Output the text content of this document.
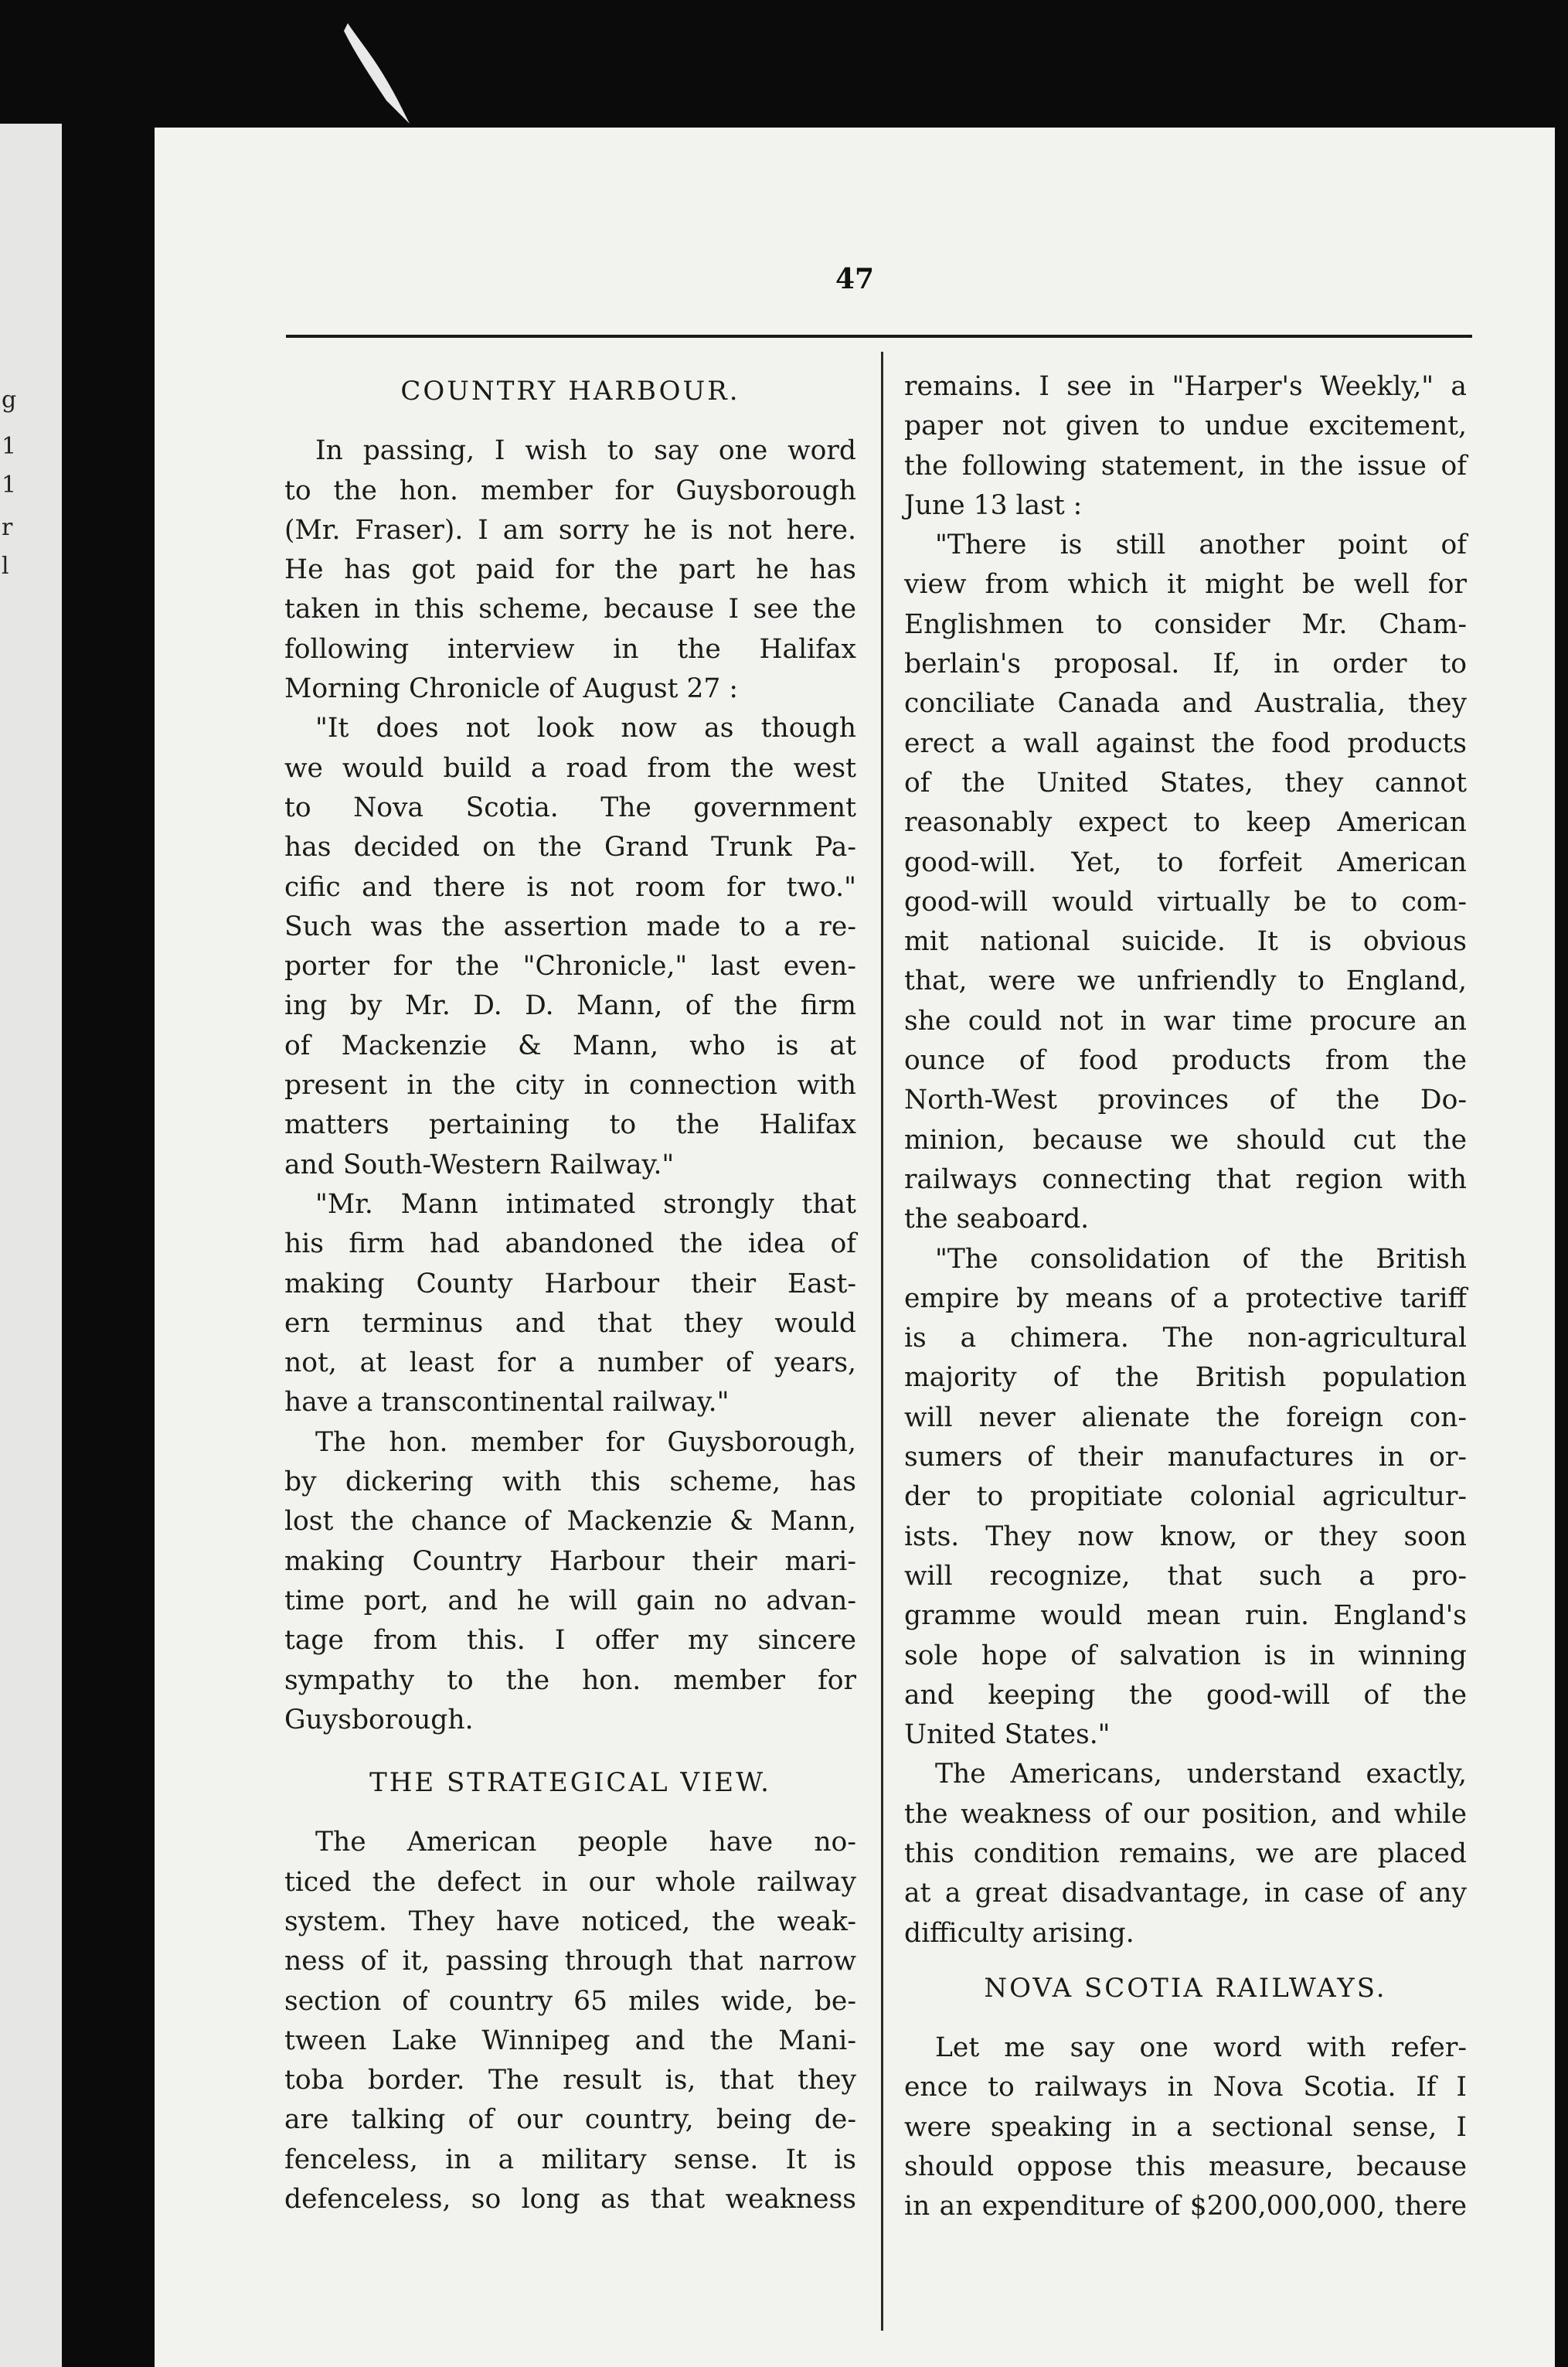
g
1
1
r
l
47
COUNTRY HARBOUR.
In passing, I wish to say one word
to the hon. member for Guysborough
(Mr. Fraser). I am sorry he is not here.
He has got paid for the part he has
taken in this scheme, because I see the
following interview in the Halifax
Morning Chronicle of August 27 :
"It does not look now as though
we would build a road from the west
to Nova Scotia. The government
has decided on the Grand Trunk Pa-
cific and there is not room for two."
Such was the assertion made to a re-
porter for the "Chronicle," last even-
ing by Mr. D. D. Mann, of the firm
of Mackenzie & Mann, who is at
present in the city in connection with
matters pertaining to the Halifax
and South-Western Railway."
"Mr. Mann intimated strongly that
his firm had abandoned the idea of
making County Harbour their East-
ern terminus and that they would
not, at least for a number of years,
have a transcontinental railway."
The hon. member for Guysborough,
by dickering with this scheme, has
lost the chance of Mackenzie & Mann,
making Country Harbour their mari-
time port, and he will gain no advan-
tage from this. I offer my sincere
sympathy to the hon. member for
Guysborough.
THE STRATEGICAL VIEW.
The American people have no-
ticed the defect in our whole railway
system. They have noticed, the weak-
ness of it, passing through that narrow
section of country 65 miles wide, be-
tween Lake Winnipeg and the Mani-
toba border. The result is, that they
are talking of our country, being de-
fenceless, in a military sense. It is
defenceless, so long as that weakness
remains. I see in "Harper's Weekly," a
paper not given to undue excitement,
the following statement, in the issue of
June 13 last :
"There is still another point of
view from which it might be well for
Englishmen to consider Mr. Cham-
berlain's proposal. If, in order to
conciliate Canada and Australia, they
erect a wall against the food products
of the United States, they cannot
reasonably expect to keep American
good-will. Yet, to forfeit American
good-will would virtually be to com-
mit national suicide. It is obvious
that, were we unfriendly to England,
she could not in war time procure an
ounce of food products from the
North-West provinces of the Do-
minion, because we should cut the
railways connecting that region with
the seaboard.
"The consolidation of the British
empire by means of a protective tariff
is a chimera. The non-agricultural
majority of the British population
will never alienate the foreign con-
sumers of their manufactures in or-
der to propitiate colonial agricultur-
ists. They now know, or they soon
will recognize, that such a pro-
gramme would mean ruin. England's
sole hope of salvation is in winning
and keeping the good-will of the
United States."
The Americans, understand exactly,
the weakness of our position, and while
this condition remains, we are placed
at a great disadvantage, in case of any
difficulty arising.
NOVA SCOTIA RAILWAYS.
Let me say one word with refer-
ence to railways in Nova Scotia. If I
were speaking in a sectional sense, I
should oppose this measure, because
in an expenditure of $200,000,000, there
